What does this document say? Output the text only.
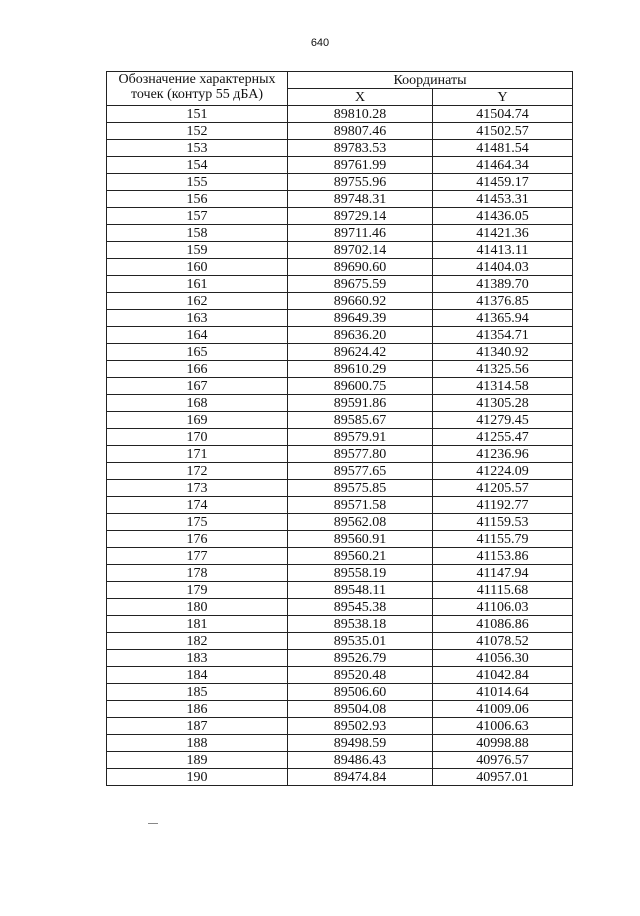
640
Обозначение характерных
точек (контур 55 дБА)	Координаты	
	X	Y
151	89810.28	41504.74
152	89807.46	41502.57
153	89783.53	41481.54
154	89761.99	41464.34
155	89755.96	41459.17
156	89748.31	41453.31
157	89729.14	41436.05
158	89711.46	41421.36
159	89702.14	41413.11
160	89690.60	41404.03
161	89675.59	41389.70
162	89660.92	41376.85
163	89649.39	41365.94
164	89636.20	41354.71
165	89624.42	41340.92
166	89610.29	41325.56
167	89600.75	41314.58
168	89591.86	41305.28
169	89585.67	41279.45
170	89579.91	41255.47
171	89577.80	41236.96
172	89577.65	41224.09
173	89575.85	41205.57
174	89571.58	41192.77
175	89562.08	41159.53
176	89560.91	41155.79
177	89560.21	41153.86
178	89558.19	41147.94
179	89548.11	41115.68
180	89545.38	41106.03
181	89538.18	41086.86
182	89535.01	41078.52
183	89526.79	41056.30
184	89520.48	41042.84
185	89506.60	41014.64
186	89504.08	41009.06
187	89502.93	41006.63
188	89498.59	40998.88
189	89486.43	40976.57
190	89474.84	40957.01
